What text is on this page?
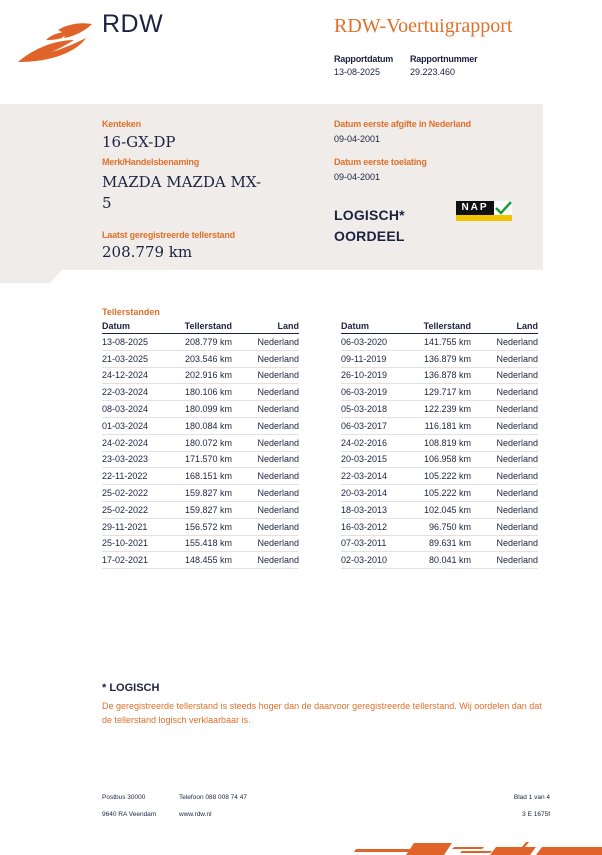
RDW	RDW-Voertuigrapport
Rapportdatum
13-08-2025
Rapportnummer
29.223.460
Kenteken
16-GX-DP
Merk/Handelsbenaming
MAZDA MAZDA MX-
5
Laatst geregistreerde tellerstand
208.779 km
Datum eerste afgifte in Nederland
09-04-2001
Datum eerste toelating
09-04-2001
LOGISCH*
OORDEEL
NAP
Tellerstanden
Datum	Tellerstand	Land
13-08-2025	208.779 km	Nederland
21-03-2025	203.546 km	Nederland
24-12-2024	202.916 km	Nederland
22-03-2024	180.106 km	Nederland
08-03-2024	180.099 km	Nederland
01-03-2024	180.084 km	Nederland
24-02-2024	180.072 km	Nederland
23-03-2023	171.570 km	Nederland
22-11-2022	168.151 km	Nederland
25-02-2022	159.827 km	Nederland
25-02-2022	159.827 km	Nederland
29-11-2021	156.572 km	Nederland
25-10-2021	155.418 km	Nederland
17-02-2021	148.455 km	Nederland
Datum	Tellerstand	Land
06-03-2020	141.755 km	Nederland
09-11-2019	136.879 km	Nederland
26-10-2019	136.878 km	Nederland
06-03-2019	129.717 km	Nederland
05-03-2018	122.239 km	Nederland
06-03-2017	116.181 km	Nederland
24-02-2016	108.819 km	Nederland
20-03-2015	106.958 km	Nederland
22-03-2014	105.222 km	Nederland
20-03-2014	105.222 km	Nederland
18-03-2013	102.045 km	Nederland
16-03-2012	96.750 km	Nederland
07-03-2011	89.631 km	Nederland
02-03-2010	80.041 km	Nederland
* LOGISCH
De geregistreerde tellerstand is steeds hoger dan de daarvoor geregistreerde tellerstand. Wij oordelen dan dat de tellerstand logisch verklaarbaar is.
Postbus 30000
9640 RA Veendam
Telefoon 088 008 74 47
www.rdw.nl
Blad 1 van 4
3 E 1675f
